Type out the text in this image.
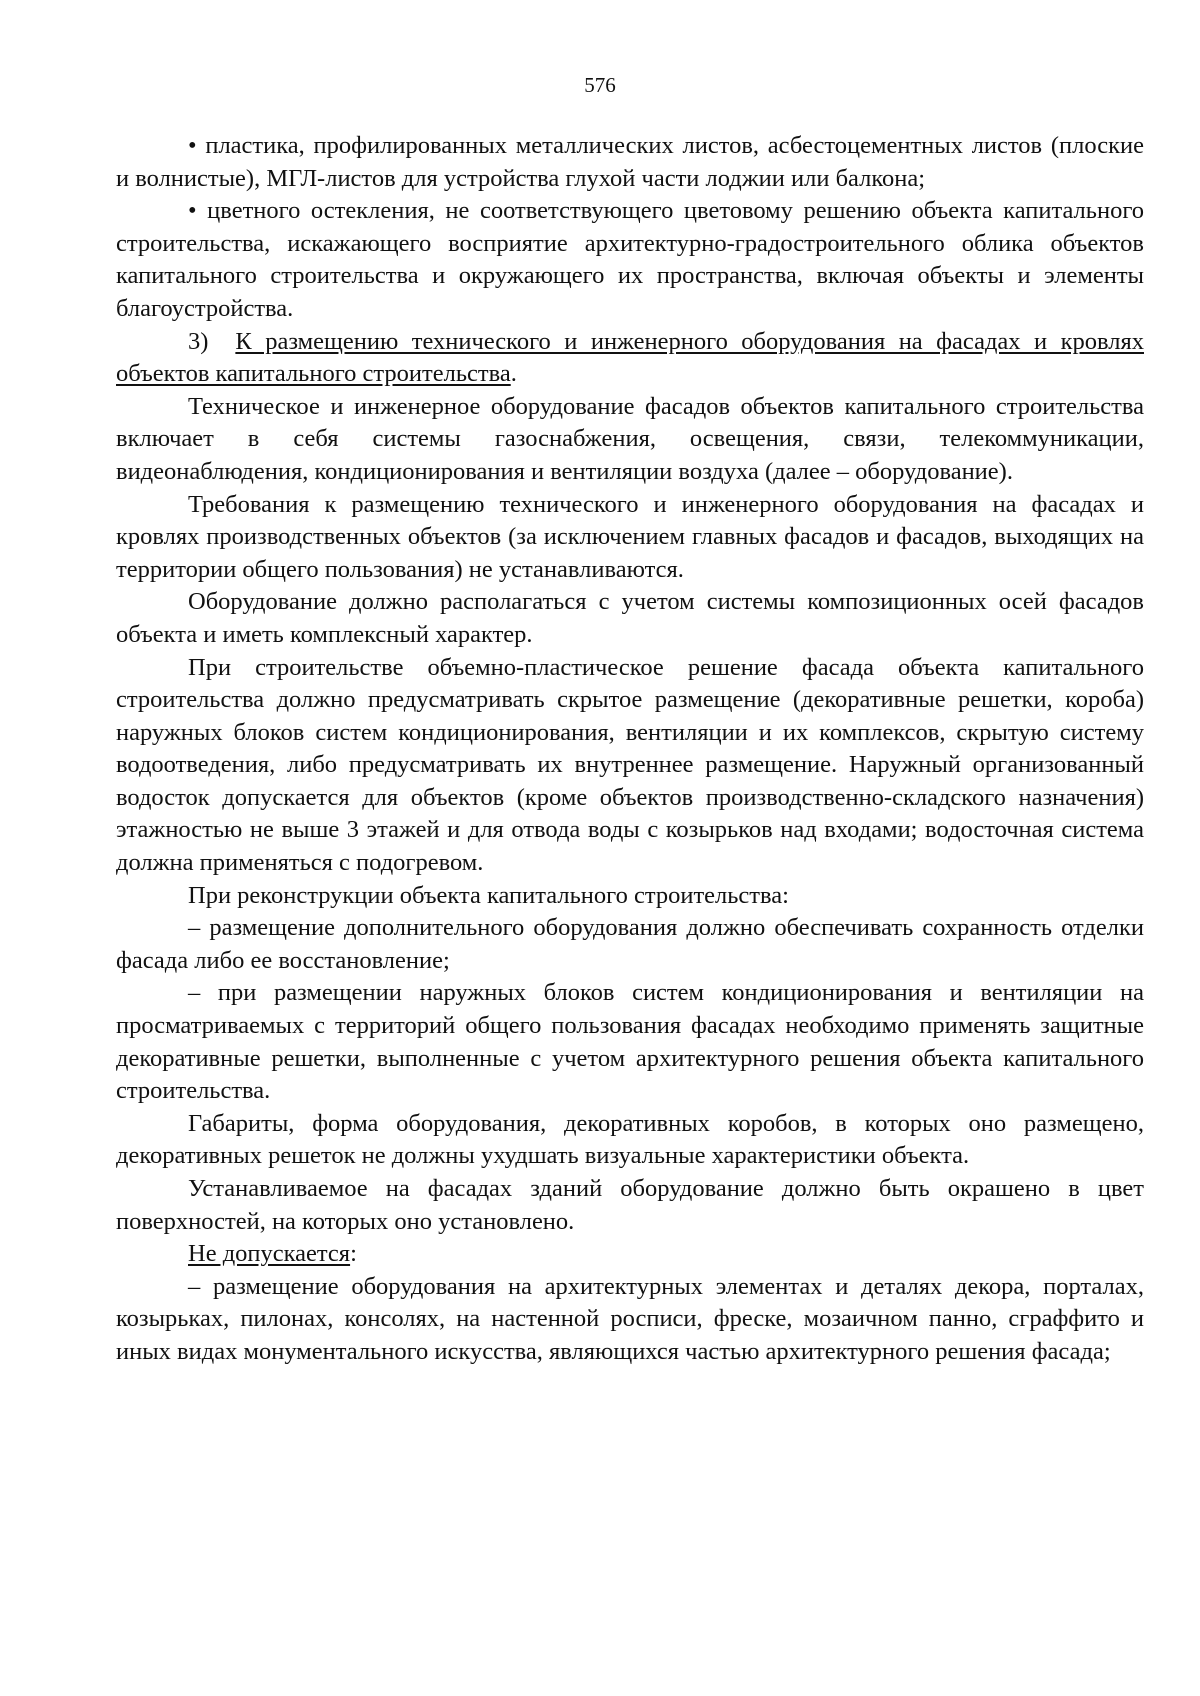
576

• пластика, профилированных металлических листов, асбестоцементных листов (плоские и волнистые), МГЛ-листов для устройства глухой части лоджии или балкона;

• цветного остекления, не соответствующего цветовому решению объекта капитального строительства, искажающего восприятие архитектурно-градостроительного облика объектов капитального строительства и окружающего их пространства, включая объекты и элементы благоустройства.

3) К размещению технического и инженерного оборудования на фасадах и кровлях объектов капитального строительства.

Техническое и инженерное оборудование фасадов объектов капитального строительства включает в себя системы газоснабжения, освещения, связи, телекоммуникации, видеонаблюдения, кондиционирования и вентиляции воздуха (далее – оборудование).

Требования к размещению технического и инженерного оборудования на фасадах и кровлях производственных объектов (за исключением главных фасадов и фасадов, выходящих на территории общего пользования) не устанавливаются.

Оборудование должно располагаться с учетом системы композиционных осей фасадов объекта и иметь комплексный характер.

При строительстве объемно-пластическое решение фасада объекта капитального строительства должно предусматривать скрытое размещение (декоративные решетки, короба) наружных блоков систем кондиционирования, вентиляции и их комплексов, скрытую систему водоотведения, либо предусматривать их внутреннее размещение. Наружный организованный водосток допускается для объектов (кроме объектов производственно-складского назначения) этажностью не выше 3 этажей и для отвода воды с козырьков над входами; водосточная система должна применяться с подогревом.

При реконструкции объекта капитального строительства:

– размещение дополнительного оборудования должно обеспечивать сохранность отделки фасада либо ее восстановление;

– при размещении наружных блоков систем кондиционирования и вентиляции на просматриваемых с территорий общего пользования фасадах необходимо применять защитные декоративные решетки, выполненные с учетом архитектурного решения объекта капитального строительства.

Габариты, форма оборудования, декоративных коробов, в которых оно размещено, декоративных решеток не должны ухудшать визуальные характеристики объекта.

Устанавливаемое на фасадах зданий оборудование должно быть окрашено в цвет поверхностей, на которых оно установлено.

Не допускается:

– размещение оборудования на архитектурных элементах и деталях декора, порталах, козырьках, пилонах, консолях, на настенной росписи, фреске, мозаичном панно, сграффито и иных видах монументального искусства, являющихся частью архитектурного решения фасада;
